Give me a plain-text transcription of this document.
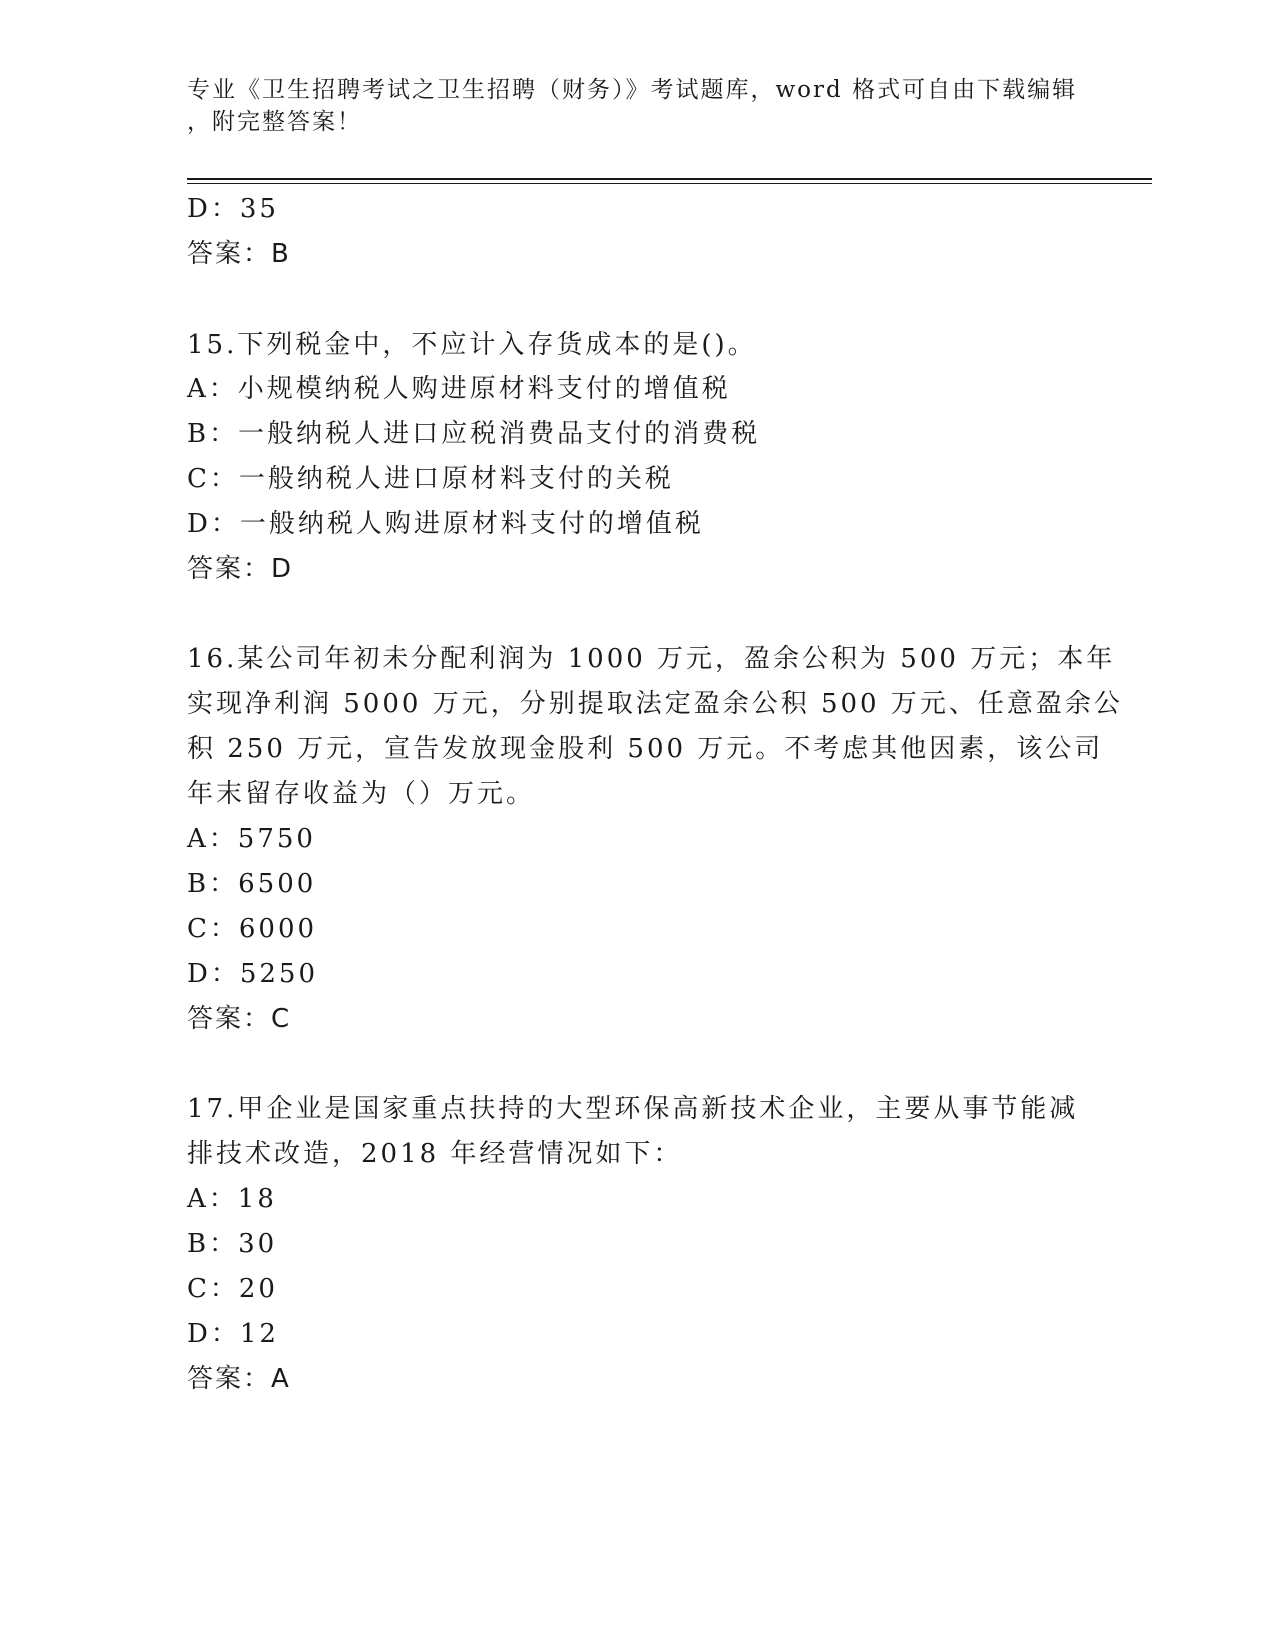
专业《卫生招聘考试之卫生招聘（财务）》考试题库，word 格式可自由下载编辑
，附完整答案！
D：35
答案：B
15.下列税金中，不应计入存货成本的是()。
A：小规模纳税人购进原材料支付的增值税
B：一般纳税人进口应税消费品支付的消费税
C：一般纳税人进口原材料支付的关税
D：一般纳税人购进原材料支付的增值税
答案：D
16.某公司年初未分配利润为 1000 万元，盈余公积为 500 万元；本年
实现净利润 5000 万元，分别提取法定盈余公积 500 万元、任意盈余公
积 250 万元，宣告发放现金股利 500 万元。不考虑其他因素，该公司
年末留存收益为（）万元。
A：5750
B：6500
C：6000
D：5250
答案：C
17.甲企业是国家重点扶持的大型环保高新技术企业，主要从事节能减
排技术改造，2018 年经营情况如下：
A：18
B：30
C：20
D：12
答案：A
